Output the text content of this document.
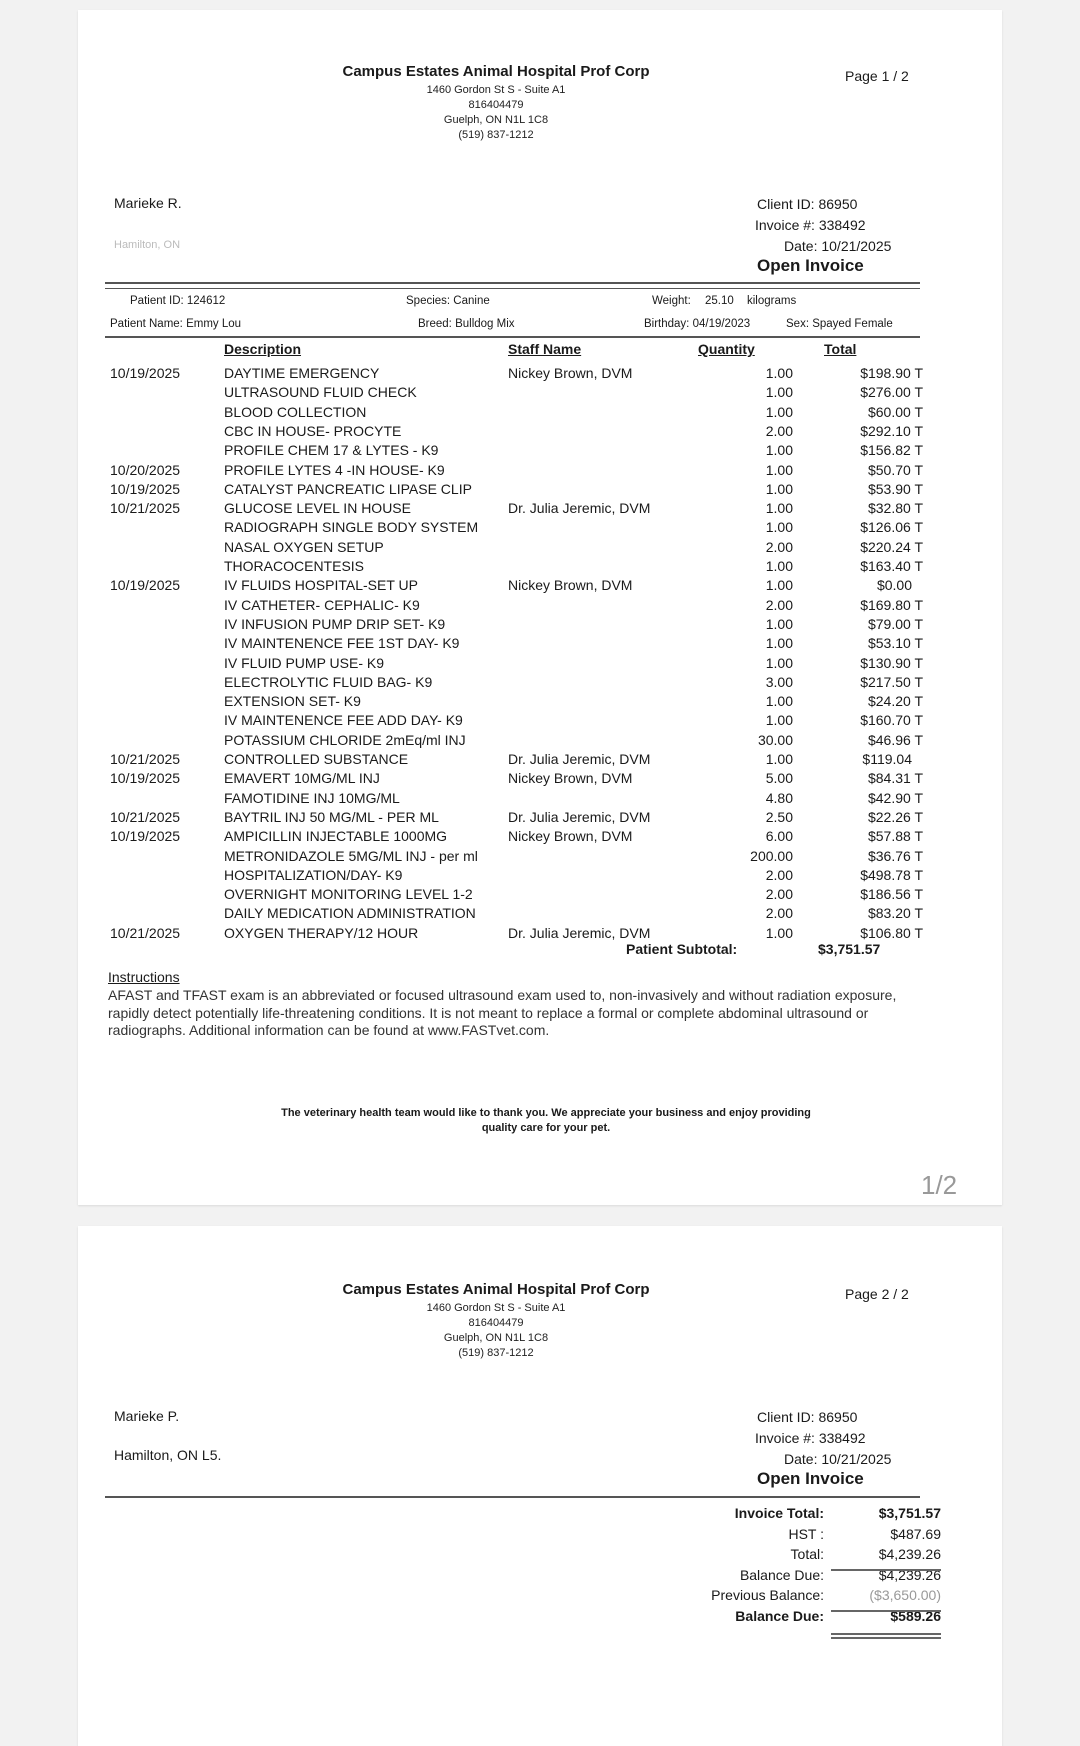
Campus Estates Animal Hospital Prof Corp
1460 Gordon St S - Suite A1
816404479
Guelph, ON N1L 1C8
(519) 837-1212
Page 1 / 2
Marieke R.
Hamilton, ON
Client ID: 86950
Invoice #: 338492
Date: 10/21/2025
Open Invoice
Patient ID: 124612	Species: Canine	Weight: 25.10 kilograms
Patient Name: Emmy Lou	Breed: Bulldog Mix	Birthday: 04/19/2023	Sex: Spayed Female
Description	Staff Name	Quantity	Total
10/19/2025	DAYTIME EMERGENCY	Nickey Brown, DVM	1.00	$198.90 T
ULTRASOUND FLUID CHECK	1.00	$276.00 T
BLOOD COLLECTION	1.00	$60.00 T
CBC IN HOUSE- PROCYTE	2.00	$292.10 T
PROFILE CHEM 17 & LYTES - K9	1.00	$156.82 T
10/20/2025	PROFILE LYTES 4 -IN HOUSE- K9	1.00	$50.70 T
10/19/2025	CATALYST PANCREATIC LIPASE CLIP	1.00	$53.90 T
10/21/2025	GLUCOSE LEVEL IN HOUSE	Dr. Julia Jeremic, DVM	1.00	$32.80 T
RADIOGRAPH SINGLE BODY SYSTEM	1.00	$126.06 T
NASAL OXYGEN SETUP	2.00	$220.24 T
THORACOCENTESIS	1.00	$163.40 T
10/19/2025	IV FLUIDS HOSPITAL-SET UP	Nickey Brown, DVM	1.00	$0.00
IV CATHETER- CEPHALIC- K9	2.00	$169.80 T
IV INFUSION PUMP DRIP SET- K9	1.00	$79.00 T
IV MAINTENENCE FEE 1ST DAY- K9	1.00	$53.10 T
IV FLUID PUMP USE- K9	1.00	$130.90 T
ELECTROLYTIC FLUID BAG- K9	3.00	$217.50 T
EXTENSION SET- K9	1.00	$24.20 T
IV MAINTENENCE FEE ADD DAY- K9	1.00	$160.70 T
POTASSIUM CHLORIDE 2mEq/ml INJ	30.00	$46.96 T
10/21/2025	CONTROLLED SUBSTANCE	Dr. Julia Jeremic, DVM	1.00	$119.04
10/19/2025	EMAVERT 10MG/ML INJ	Nickey Brown, DVM	5.00	$84.31 T
FAMOTIDINE INJ 10MG/ML	4.80	$42.90 T
10/21/2025	BAYTRIL INJ 50 MG/ML - PER ML	Dr. Julia Jeremic, DVM	2.50	$22.26 T
10/19/2025	AMPICILLIN INJECTABLE 1000MG	Nickey Brown, DVM	6.00	$57.88 T
METRONIDAZOLE 5MG/ML INJ - per ml	200.00	$36.76 T
HOSPITALIZATION/DAY- K9	2.00	$498.78 T
OVERNIGHT MONITORING LEVEL 1-2	2.00	$186.56 T
DAILY MEDICATION ADMINISTRATION	2.00	$83.20 T
10/21/2025	OXYGEN THERAPY/12 HOUR	Dr. Julia Jeremic, DVM	1.00	$106.80 T
Patient Subtotal:	$3,751.57
Instructions
AFAST and TFAST exam is an abbreviated or focused ultrasound exam used to, non-invasively and without radiation exposure, rapidly detect potentially life-threatening conditions. It is not meant to replace a formal or complete abdominal ultrasound or radiographs. Additional information can be found at www.FASTvet.com.
The veterinary health team would like to thank you. We appreciate your business and enjoy providing quality care for your pet.
1/2
Campus Estates Animal Hospital Prof Corp
1460 Gordon St S - Suite A1
816404479
Guelph, ON N1L 1C8
(519) 837-1212
Page 2 / 2
Marieke P.
Hamilton, ON L5.
Client ID: 86950
Invoice #: 338492
Date: 10/21/2025
Open Invoice
Invoice Total:	$3,751.57
HST :	$487.69
Total:	$4,239.26
Balance Due:	$4,239.26
Previous Balance:	($3,650.00)
Balance Due:	$589.26
